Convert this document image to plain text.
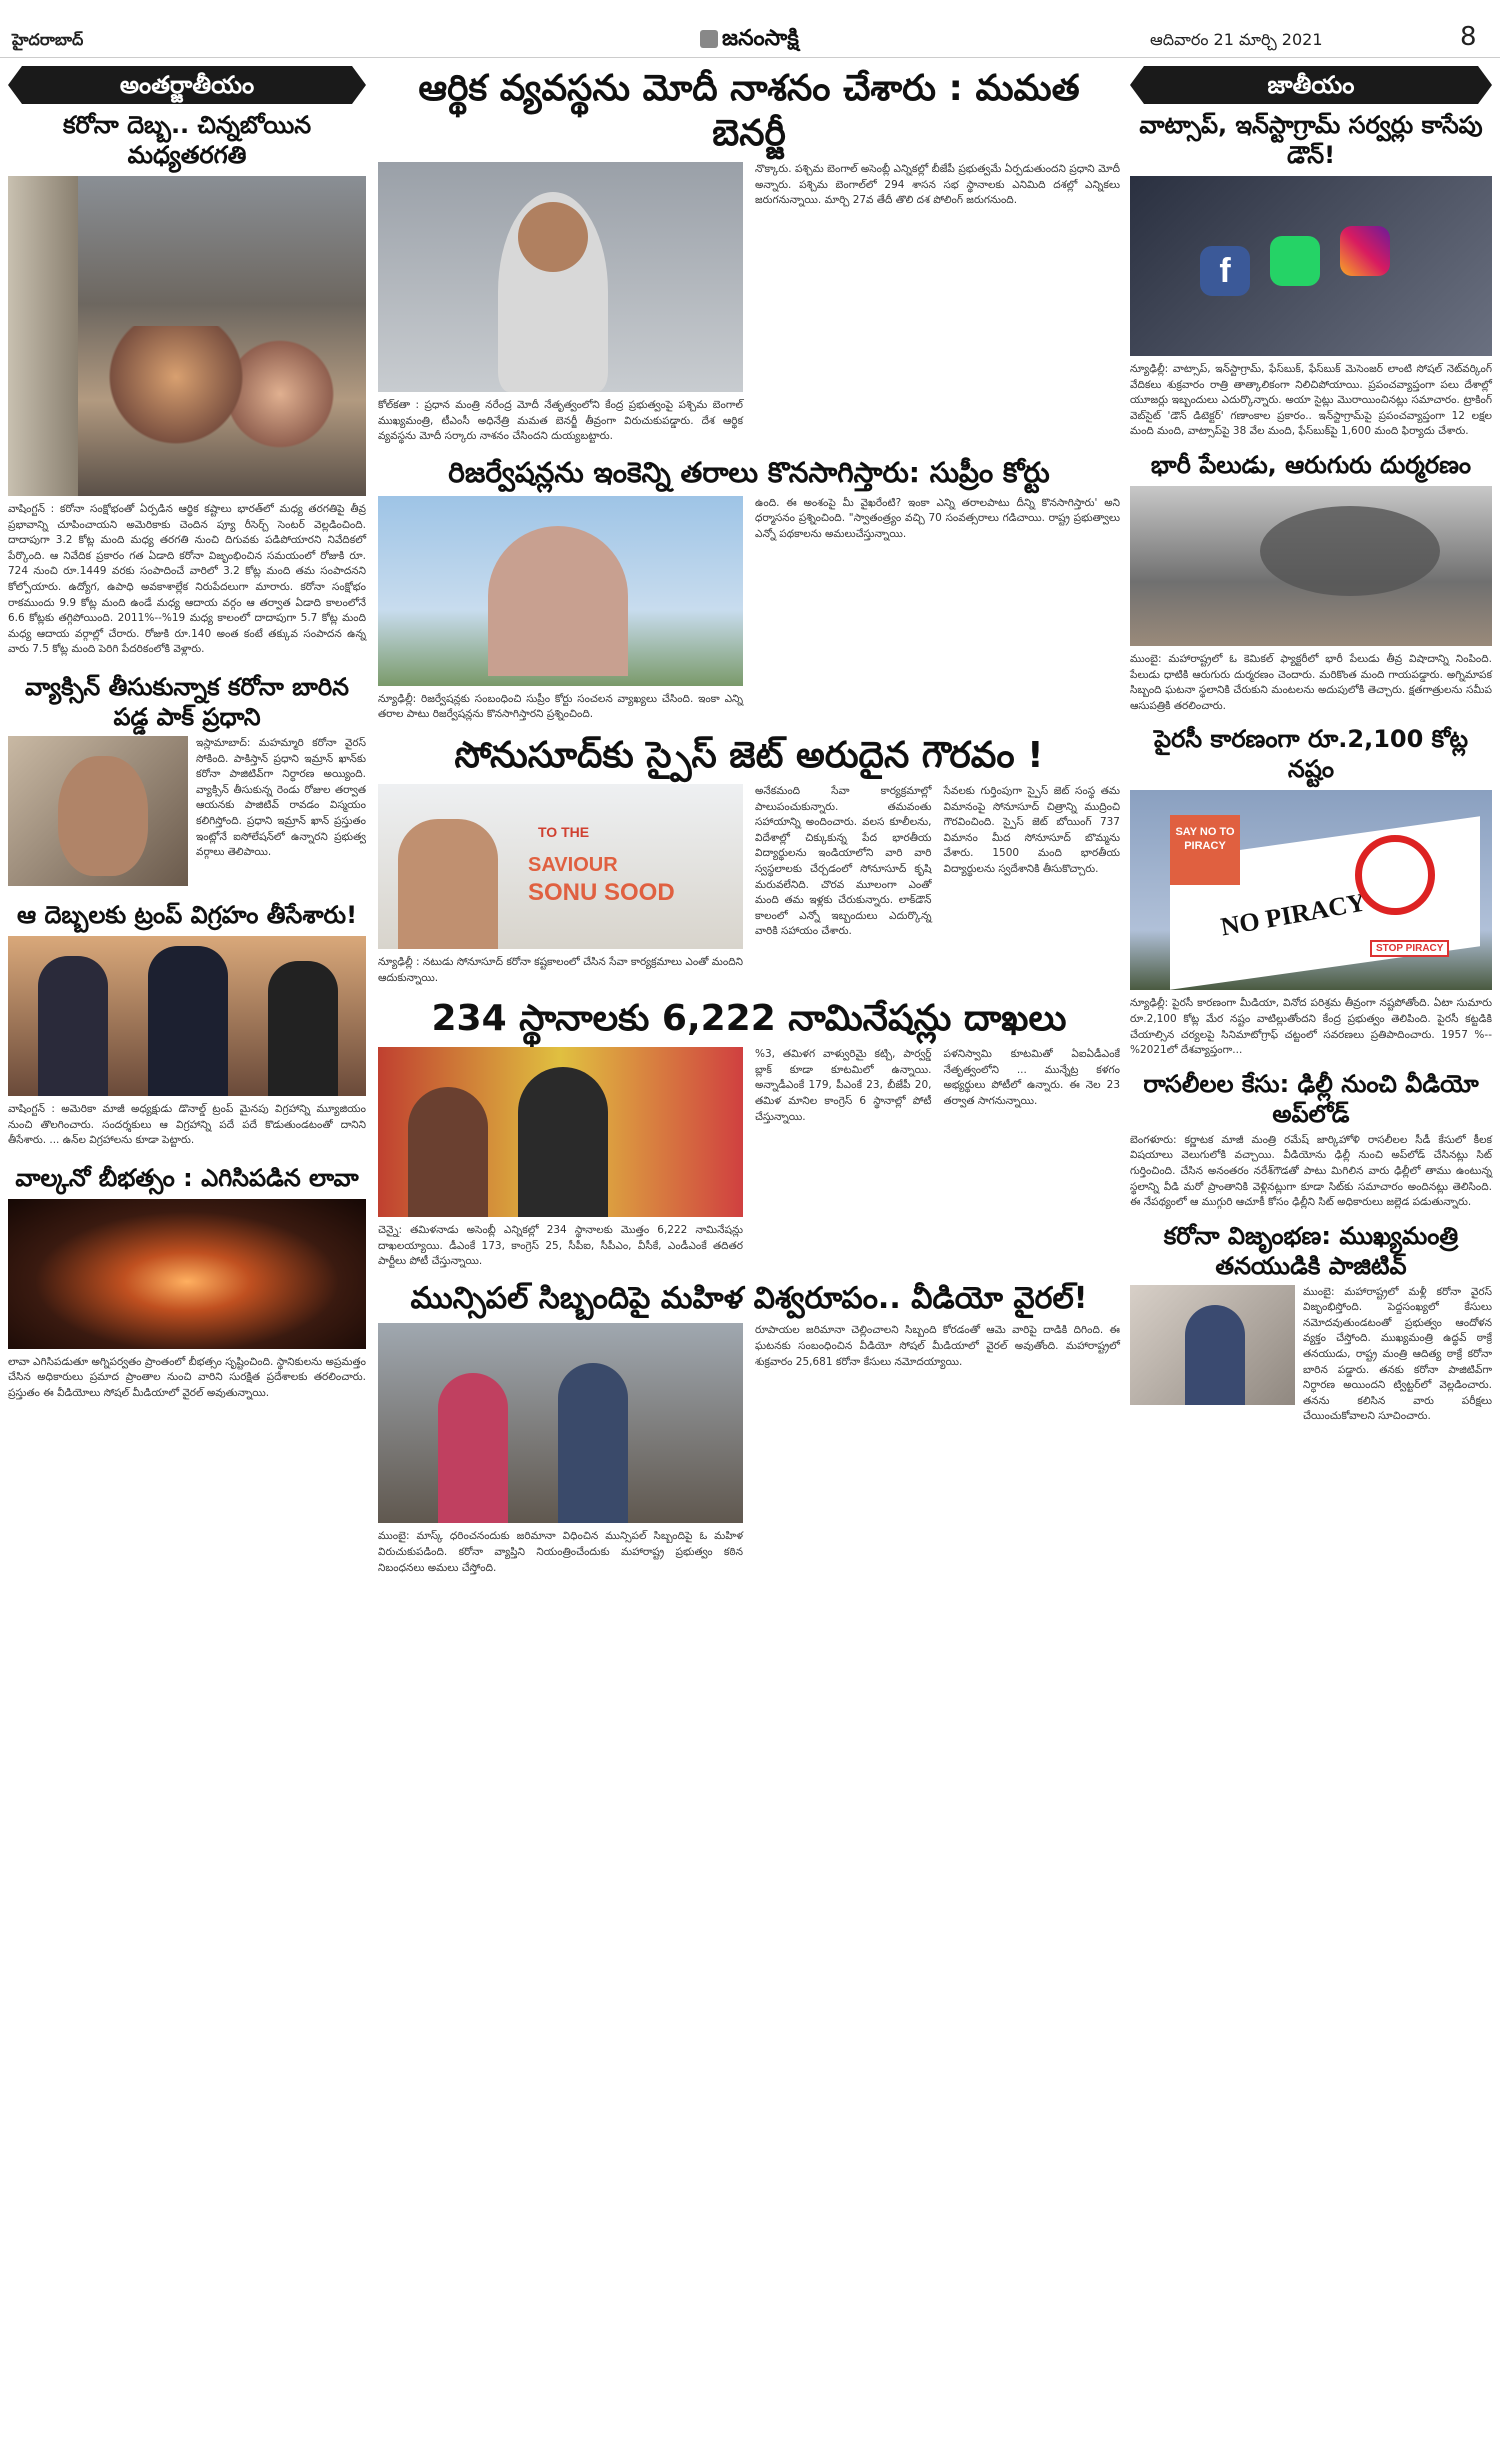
హైదరాబాద్	జనంసాక్షి	ఆదివారం 21 మార్చి 2021	8
అంతర్జాతీయం
కరోనా దెబ్బ.. చిన్నబోయిన మధ్యతరగతి
వాషింగ్టన్ : కరోనా సంక్షోభంతో ఏర్పడిన ఆర్థిక కష్టాలు భారత్‌లో మధ్య తరగతిపై తీవ్ర ప్రభావాన్ని చూపించాయని అమెరికాకు చెందిన ప్యూ రీసెర్చ్ సెంటర్ వెల్లడించింది. దాదాపుగా 3.2 కోట్ల మంది మధ్య తరగతి నుంచి దిగువకు పడిపోయారని నివేదికలో పేర్కొంది. ఆ నివేదిక ప్రకారం గత ఏడాది కరోనా విజృంభించిన సమయంలో రోజుకి రూ. 724 నుంచి రూ.1449 వరకు సంపాదించే వారిలో 3.2 కోట్ల మంది తమ సంపాదనని కోల్పోయారు. ఉద్యోగ, ఉపాధి అవకాశాల్లేక నిరుపేదలుగా మారారు. కరోనా సంక్షోభం రాకముందు 9.9 కోట్ల మంది ఉండే మధ్య ఆదాయ వర్గం ఆ తర్వాత ఏడాది కాలంలోనే 6.6 కోట్లకు తగ్గిపోయింది. 2011%--%19 మధ్య కాలంలో దాదాపుగా 5.7 కోట్ల మంది మధ్య ఆదాయ వర్గాల్లో చేరారు. రోజుకి రూ.140 అంత కంటే తక్కువ సంపాదన ఉన్న వారు 7.5 కోట్ల మంది పెరిగి పేదరికంలోకి వెళ్లారు.
వ్యాక్సిన్ తీసుకున్నాక కరోనా బారిన పడ్డ పాక్ ప్రధాని
ఇస్లామాబాద్: మహమ్మారి కరోనా వైరస్ సోకింది. పాకిస్తాన్ ప్రధాని ఇమ్రాన్ ఖాన్‌కు కరోనా పాజిటివ్‌గా నిర్ధారణ అయ్యింది. వ్యాక్సిన్ తీసుకున్న రెండు రోజుల తర్వాత ఆయనకు పాజిటివ్ రావడం విస్మయం కలిగిస్తోంది. ప్రధాని ఇమ్రాన్ ఖాన్ ప్రస్తుతం ఇంట్లోనే ఐసోలేషన్‌లో ఉన్నారని ప్రభుత్వ వర్గాలు తెలిపాయి.
ఆ దెబ్బలకు ట్రంప్ విగ్రహం తీసేశారు!
వాషింగ్టన్ : అమెరికా మాజీ అధ్యక్షుడు డొనాల్డ్ ట్రంప్ మైనపు విగ్రహాన్ని మ్యూజియం నుంచి తొలగించారు. సందర్శకులు ఆ విగ్రహాన్ని పదే పదే కొడుతుండటంతో దానిని తీసేశారు. ... ఉన్‌ల విగ్రహాలను కూడా పెట్టారు.
వాల్కనో బీభత్సం : ఎగిసిపడిన లావా
లావా ఎగిసిపడుతూ అగ్నిపర్వతం ప్రాంతంలో బీభత్సం సృష్టించింది. స్థానికులను అప్రమత్తం చేసిన అధికారులు ప్రమాద ప్రాంతాల నుంచి వారిని సురక్షిత ప్రదేశాలకు తరలించారు. ప్రస్తుతం ఈ వీడియోలు సోషల్ మీడియాలో వైరల్ అవుతున్నాయి.
ఆర్థిక వ్యవస్థను మోదీ నాశనం చేశారు : మమత బెనర్జీ
కోల్‌కతా : ప్రధాన మంత్రి నరేంద్ర మోదీ నేతృత్వంలోని కేంద్ర ప్రభుత్వంపై పశ్చిమ బెంగాల్ ముఖ్యమంత్రి, టీఎంసీ అధినేత్రి మమత బెనర్జీ తీవ్రంగా విరుచుకుపడ్డారు. దేశ ఆర్థిక వ్యవస్థను మోదీ సర్కారు నాశనం చేసిందని దుయ్యబట్టారు.
నొక్కారు. పశ్చిమ బెంగాల్ అసెంబ్లీ ఎన్నికల్లో బీజేపీ ప్రభుత్వమే ఏర్పడుతుందని ప్రధాని మోదీ అన్నారు. పశ్చిమ బెంగాల్‌లో 294 శాసన సభ స్థానాలకు ఎనిమిది దశల్లో ఎన్నికలు జరుగనున్నాయి. మార్చి 27వ తేదీ తొలి దశ పోలింగ్ జరుగనుంది.
రిజర్వేషన్లను ఇంకెన్ని తరాలు కొనసాగిస్తారు: సుప్రీం కోర్టు
న్యూఢిల్లీ: రిజర్వేషన్లకు సంబంధించి సుప్రీం కోర్టు సంచలన వ్యాఖ్యలు చేసింది. ఇంకా ఎన్ని తరాల పాటు రిజర్వేషన్లను కొనసాగిస్తారని ప్రశ్నించింది.
ఉంది. ఈ అంశంపై మీ వైఖరేంటి? ఇంకా ఎన్ని తరాలపాటు దీన్ని కొనసాగిస్తారు' అని ధర్మాసనం ప్రశ్నించింది. "స్వాతంత్ర్యం వచ్చి 70 సంవత్సరాలు గడిచాయి. రాష్ట్ర ప్రభుత్వాలు ఎన్నో పథకాలను అమలుచేస్తున్నాయి.
సోనుసూద్‌కు స్పైస్ జెట్ అరుదైన గౌరవం !
TO THE
SAVIOUR
SONU SOOD
న్యూఢిల్లీ : నటుడు సోనూసూద్ కరోనా కష్టకాలంలో చేసిన సేవా కార్యక్రమాలు ఎంతో మందిని ఆదుకున్నాయి.
అనేకమంది సేవా కార్యక్రమాల్లో పాలుపంచుకున్నారు. తమవంతు సహాయాన్ని అందించారు. వలస కూలీలను, విదేశాల్లో చిక్కుకున్న పేద భారతీయ విద్యార్థులను ఇండియాలోని వారి వారి స్వస్థలాలకు చేర్చడంలో సోనూసూద్ కృషి మరువలేనిది. చొరవ మూలంగా ఎంతో మంది తమ ఇళ్లకు చేరుకున్నారు. లాక్‌డౌన్ కాలంలో ఎన్నో ఇబ్బందులు ఎదుర్కొన్న వారికి సహాయం చేశారు.
సేవలకు గుర్తింపుగా స్పైస్ జెట్ సంస్థ తమ విమానంపై సోనూసూద్ చిత్రాన్ని ముద్రించి గౌరవించింది. స్పైస్ జెట్ బోయింగ్ 737 విమానం మీద సోనూసూద్ బొమ్మను వేశారు. 1500 మంది భారతీయ విద్యార్థులను స్వదేశానికి తీసుకొచ్చారు.
234 స్థానాలకు 6,222 నామినేషన్లు దాఖలు
చెన్నై: తమిళనాడు అసెంబ్లీ ఎన్నికల్లో 234 స్థానాలకు మొత్తం 6,222 నామినేషన్లు దాఖలయ్యాయి. డీఎంకే 173, కాంగ్రెస్ 25, సీపీఐ, సీపీఎం, వీసీకే, ఎండీఎంకే తదితర పార్టీలు పోటీ చేస్తున్నాయి.
%3, తమిళగ వాళ్వురిమై కట్చి, పార్వర్డ్ బ్లాక్ కూడా కూటమిలో ఉన్నాయి. అన్నాడీఎంకే 179, పీఎంకే 23, బీజేపీ 20, తమిళ మానిల కాంగ్రెస్ 6 స్థానాల్లో పోటీ చేస్తున్నాయి.
పళనిస్వామి కూటమితో ఏఐఏడీఎంకే నేతృత్వంలోని ... మున్నేట్ర కళగం అభ్యర్థులు పోటీలో ఉన్నారు. ఈ నెల 23 తర్వాత సాగనున్నాయి.
మున్సిపల్ సిబ్బందిపై మహిళ విశ్వరూపం.. వీడియో వైరల్!
ముంబై: మాస్క్ ధరించనందుకు జరిమానా విధించిన మున్సిపల్ సిబ్బందిపై ఓ మహిళ విరుచుకుపడింది. కరోనా వ్యాప్తిని నియంత్రించేందుకు మహారాష్ట్ర ప్రభుత్వం కఠిన నిబంధనలు అమలు చేస్తోంది.
రూపాయల జరిమానా చెల్లించాలని సిబ్బంది కోరడంతో ఆమె వారిపై దాడికి దిగింది. ఈ ఘటనకు సంబంధించిన వీడియో సోషల్ మీడియాలో వైరల్ అవుతోంది. మహారాష్ట్రలో శుక్రవారం 25,681 కరోనా కేసులు నమోదయ్యాయి.
జాతీయం
వాట్సాప్, ఇన్‌స్టాగ్రామ్ సర్వర్లు కాసేపు డౌన్!
f
న్యూఢిల్లీ: వాట్సాప్, ఇన్‌స్టాగ్రామ్, ఫేస్‌బుక్, ఫేస్‌బుక్ మెసెంజర్ లాంటి సోషల్ నెట్‌వర్కింగ్ వేదికలు శుక్రవారం రాత్రి తాత్కాలికంగా నిలిచిపోయాయి. ప్రపంచవ్యాప్తంగా పలు దేశాల్లో యూజర్లు ఇబ్బందులు ఎదుర్కొన్నారు. అయా సైట్లు మొరాయించినట్లు సమాచారం. ట్రాకింగ్ వెబ్‌సైట్ 'డౌన్ డిటెక్టర్' గణాంకాల ప్రకారం.. ఇన్‌స్టాగ్రామ్‌పై ప్రపంచవ్యాప్తంగా 12 లక్షల మంది మంది, వాట్సాప్‌పై 38 వేల మంది, ఫేస్‌బుక్‌పై 1,600 మంది ఫిర్యాదు చేశారు.
భారీ పేలుడు, ఆరుగురు దుర్మరణం
ముంబై: మహారాష్ట్రలో ఓ కెమికల్ ఫ్యాక్టరీలో భారీ పేలుడు తీవ్ర విషాదాన్ని నింపింది. పేలుడు ధాటికి ఆరుగురు దుర్మరణం చెందారు. మరికొంత మంది గాయపడ్డారు. అగ్నిమాపక సిబ్బంది ఘటనా స్థలానికి చేరుకుని మంటలను అదుపులోకి తెచ్చారు. క్షతగాత్రులను సమీప ఆసుపత్రికి తరలించారు.
పైరసీ కారణంగా రూ.2,100 కోట్ల నష్టం
SAY NO TO PIRACY
NO PIRACY
STOP PIRACY
న్యూఢిల్లీ: పైరసీ కారణంగా మీడియా, వినోద పరిశ్రమ తీవ్రంగా నష్టపోతోంది. ఏటా సుమారు రూ.2,100 కోట్ల మేర నష్టం వాటిల్లుతోందని కేంద్ర ప్రభుత్వం తెలిపింది. పైరసీ కట్టడికి చేయాల్సిన చర్యలపై సినిమాటోగ్రాఫ్ చట్టంలో సవరణలు ప్రతిపాదించారు. 1957 %--%2021లో దేశవ్యాప్తంగా...
రాసలీలల కేసు: ఢిల్లీ నుంచి వీడియో అప్‌లోడ్
బెంగళూరు: కర్ణాటక మాజీ మంత్రి రమేష్ జార్కిహోళి రాసలీలల సీడీ కేసులో కీలక విషయాలు వెలుగులోకి వచ్చాయి. వీడియోను ఢిల్లీ నుంచి అప్‌లోడ్ చేసినట్లు సిట్ గుర్తించింది. చేసిన అనంతరం నరేశ్‌గౌడతో పాటు మిగిలిన వారు ఢిల్లీలో తాము ఉంటున్న స్థలాన్ని వీడి మరో ప్రాంతానికి వెళ్లినట్లుగా కూడా సిట్‌కు సమాచారం అందినట్లు తెలిసింది. ఈ నేపథ్యంలో ఆ ముగ్గురి ఆచూకీ కోసం ఢిల్లీని సిట్ అధికారులు జల్లెడ పడుతున్నారు.
కరోనా విజృంభణ: ముఖ్యమంత్రి తనయుడికి పాజిటివ్
ముంబై: మహారాష్ట్రలో మళ్లీ కరోనా వైరస్ విజృంభిస్తోంది. పెద్దసంఖ్యలో కేసులు నమోదవుతుండటంతో ప్రభుత్వం ఆందోళన వ్యక్తం చేస్తోంది. ముఖ్యమంత్రి ఉద్ధవ్ ఠాక్రే తనయుడు, రాష్ట్ర మంత్రి ఆదిత్య ఠాక్రే కరోనా బారిన పడ్డారు. తనకు కరోనా పాజిటివ్‌గా నిర్ధారణ అయిందని ట్విట్టర్‌లో వెల్లడించారు. తనను కలిసిన వారు పరీక్షలు చేయించుకోవాలని సూచించారు.
